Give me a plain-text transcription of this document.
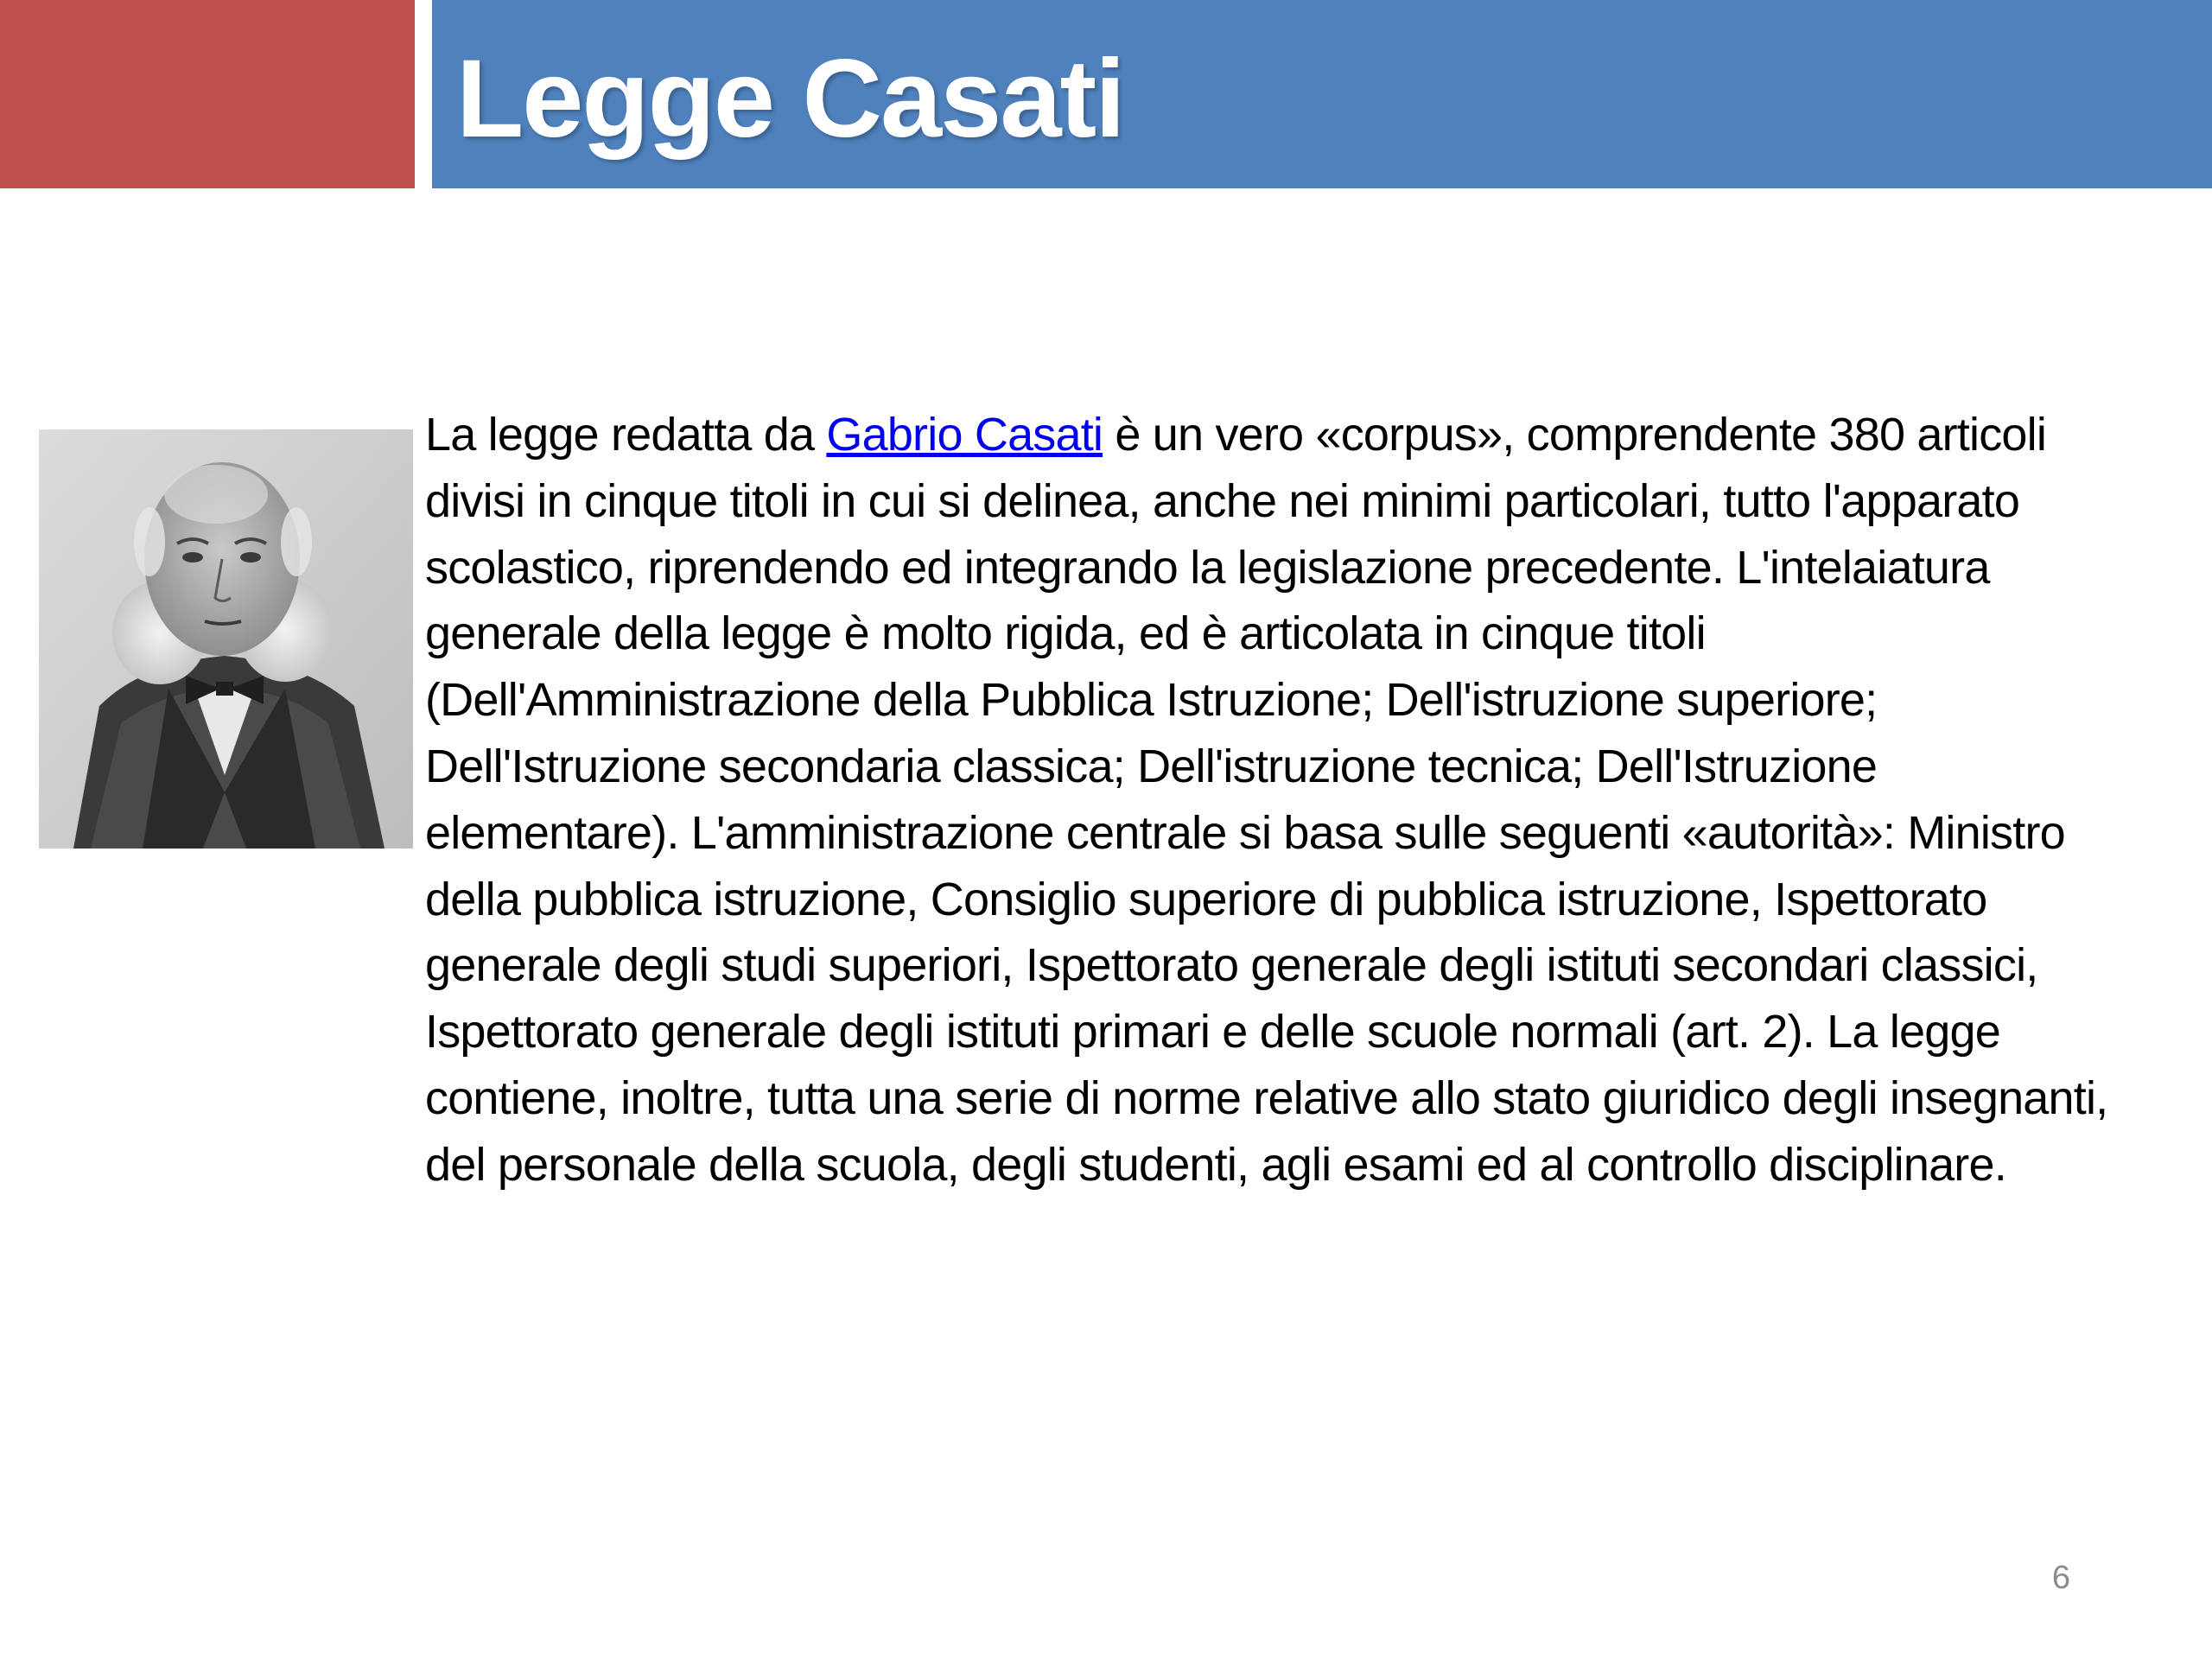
Legge Casati
La legge redatta da Gabrio Casati è un vero «corpus», comprendente 380 articoli
divisi in cinque titoli in cui si delinea, anche nei minimi particolari, tutto l'apparato
scolastico, riprendendo ed integrando la legislazione precedente. L'intelaiatura
generale della legge è molto rigida, ed è articolata in cinque titoli
(Dell'Amministrazione della Pubblica Istruzione; Dell'istruzione superiore;
Dell'Istruzione secondaria classica; Dell'istruzione tecnica; Dell'Istruzione
elementare). L'amministrazione centrale si basa sulle seguenti «autorità»: Ministro
della pubblica istruzione, Consiglio superiore di pubblica istruzione, Ispettorato
generale degli studi superiori, Ispettorato generale degli istituti secondari classici,
Ispettorato generale degli istituti primari e delle scuole normali (art. 2). La legge
contiene, inoltre, tutta una serie di norme relative allo stato giuridico degli insegnanti,
del personale della scuola, degli studenti, agli esami ed al controllo disciplinare.
6
